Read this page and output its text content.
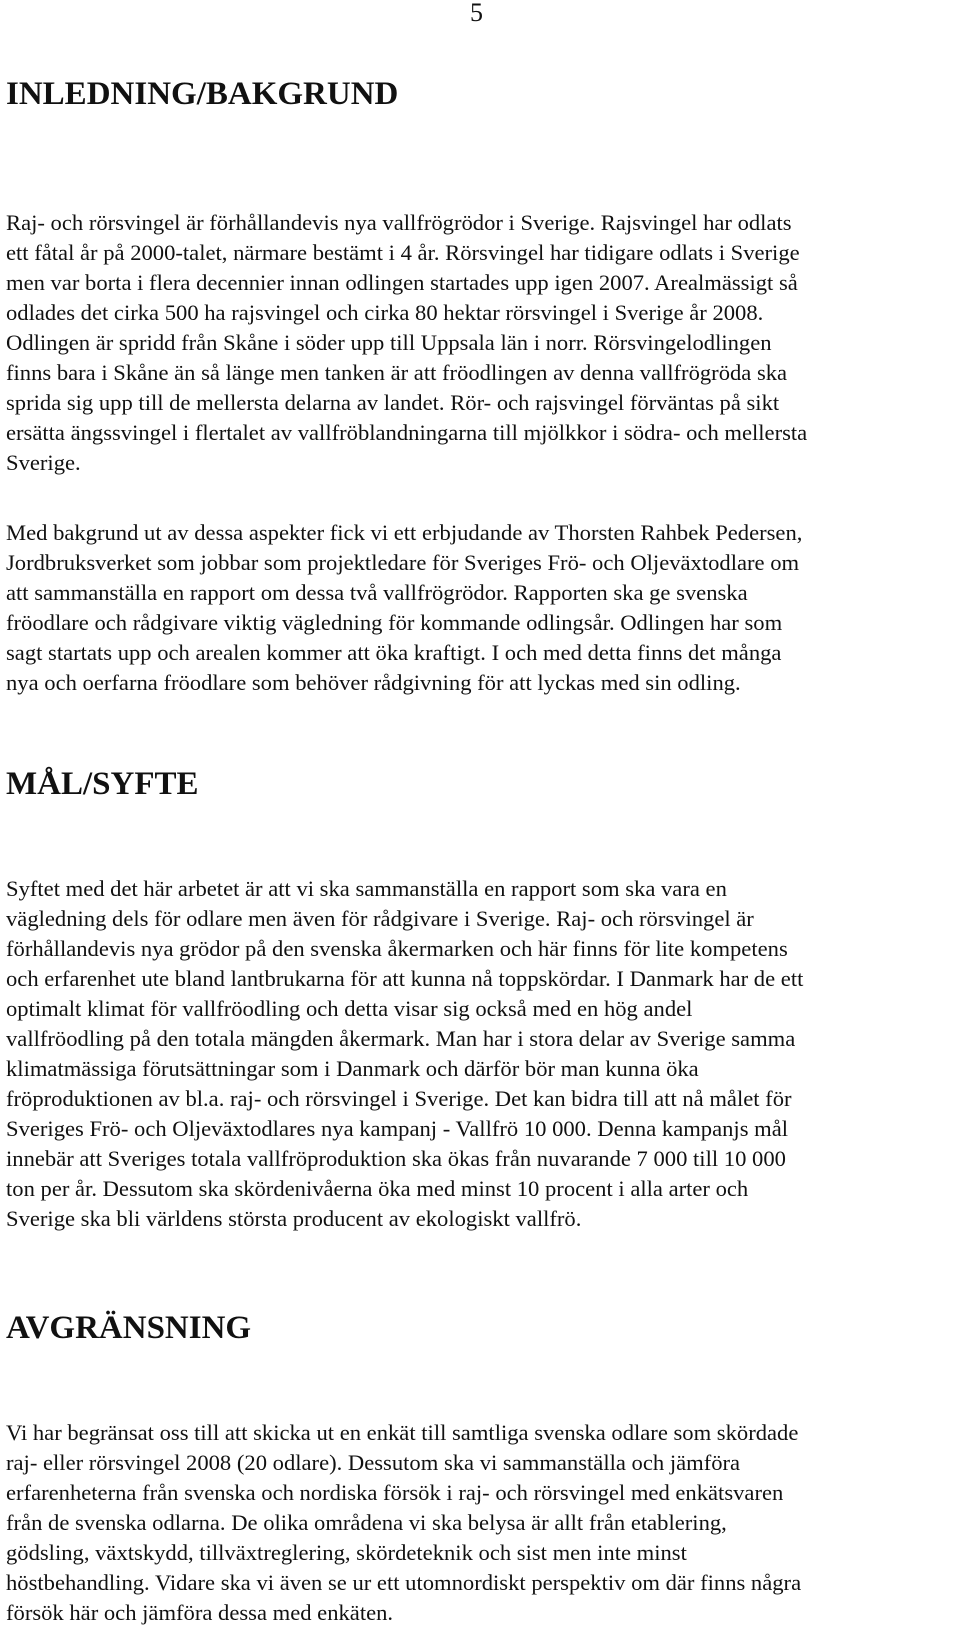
5
INLEDNING/BAKGRUND

Raj- och rörsvingel är förhållandevis nya vallfrögrödor i Sverige. Rajsvingel har odlats
ett fåtal år på 2000-talet, närmare bestämt i 4 år. Rörsvingel har tidigare odlats i Sverige
men var borta i flera decennier innan odlingen startades upp igen 2007. Arealmässigt så
odlades det cirka 500 ha rajsvingel och cirka 80 hektar rörsvingel i Sverige år 2008.
Odlingen är spridd från Skåne i söder upp till Uppsala län i norr. Rörsvingelodlingen
finns bara i Skåne än så länge men tanken är att fröodlingen av denna vallfrögröda ska
sprida sig upp till de mellersta delarna av landet. Rör- och rajsvingel förväntas på sikt
ersätta ängssvingel i flertalet av vallfröblandningarna till mjölkkor i södra- och mellersta
Sverige.

Med bakgrund ut av dessa aspekter fick vi ett erbjudande av Thorsten Rahbek Pedersen,
Jordbruksverket som jobbar som projektledare för Sveriges Frö- och Oljeväxtodlare om
att sammanställa en rapport om dessa två vallfrögrödor. Rapporten ska ge svenska
fröodlare och rådgivare viktig vägledning för kommande odlingsår. Odlingen har som
sagt startats upp och arealen kommer att öka kraftigt. I och med detta finns det många
nya och oerfarna fröodlare som behöver rådgivning för att lyckas med sin odling.

MÅL/SYFTE

Syftet med det här arbetet är att vi ska sammanställa en rapport som ska vara en
vägledning dels för odlare men även för rådgivare i Sverige. Raj- och rörsvingel är
förhållandevis nya grödor på den svenska åkermarken och här finns för lite kompetens
och erfarenhet ute bland lantbrukarna för att kunna nå toppskördar. I Danmark har de ett
optimalt klimat för vallfröodling och detta visar sig också med en hög andel
vallfröodling på den totala mängden åkermark. Man har i stora delar av Sverige samma
klimatmässiga förutsättningar som i Danmark och därför bör man kunna öka
fröproduktionen av bl.a. raj- och rörsvingel i Sverige. Det kan bidra till att nå målet för
Sveriges Frö- och Oljeväxtodlares nya kampanj - Vallfrö 10 000. Denna kampanjs mål
innebär att Sveriges totala vallfröproduktion ska ökas från nuvarande 7 000 till 10 000
ton per år. Dessutom ska skördenivåerna öka med minst 10 procent i alla arter och
Sverige ska bli världens största producent av ekologiskt vallfrö.

AVGRÄNSNING

Vi har begränsat oss till att skicka ut en enkät till samtliga svenska odlare som skördade
raj- eller rörsvingel 2008 (20 odlare). Dessutom ska vi sammanställa och jämföra
erfarenheterna från svenska och nordiska försök i raj- och rörsvingel med enkätsvaren
från de svenska odlarna. De olika områdena vi ska belysa är allt från etablering,
gödsling, växtskydd, tillväxtreglering, skördeteknik och sist men inte minst
höstbehandling. Vidare ska vi även se ur ett utomnordiskt perspektiv om där finns några
försök här och jämföra dessa med enkäten.
